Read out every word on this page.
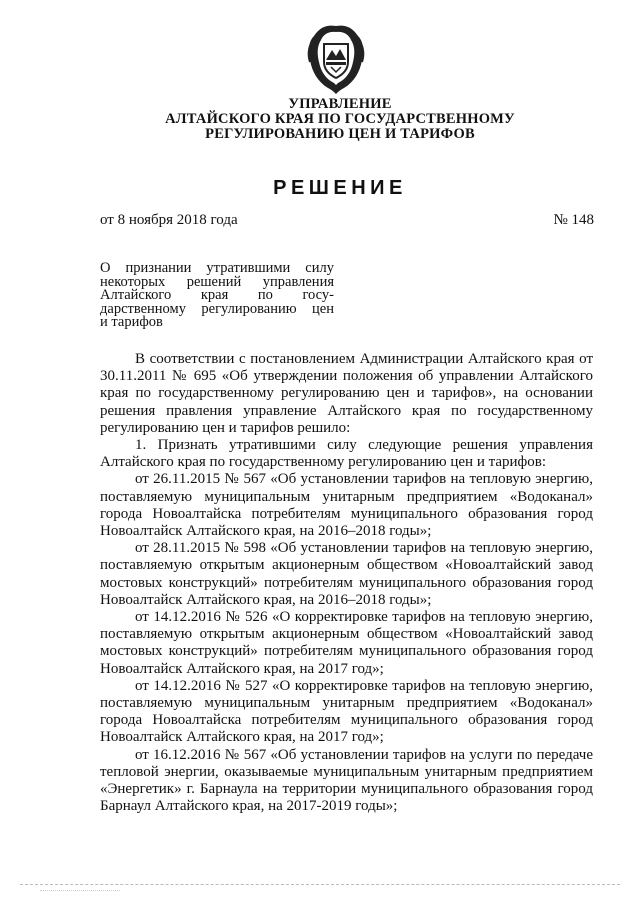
УПРАВЛЕНИЕ
АЛТАЙСКОГО КРАЯ ПО ГОСУДАРСТВЕННОМУ
РЕГУЛИРОВАНИЮ ЦЕН И ТАРИФОВ
РЕШЕНИЕ
от 8 ноября 2018 года	№ 148
О признании утратившими силу
некоторых решений управления
Алтайского края по госу-
дарственному регулированию цен
и тарифов

В соответствии с постановлением Администрации Алтайского края от 30.11.2011 № 695 «Об утверждении положения об управлении Алтайского края по государственному регулированию цен и тарифов», на основании решения правления управление Алтайского края по государственному регулированию цен и тарифов решило:

1. Признать утратившими силу следующие решения управления Алтайского края по государственному регулированию цен и тарифов:

от 26.11.2015 № 567 «Об установлении тарифов на тепловую энергию, поставляемую муниципальным унитарным предприятием «Водоканал» города Новоалтайска потребителям муниципального образования город Новоалтайск Алтайского края, на 2016–2018 годы»;

от 28.11.2015 № 598 «Об установлении тарифов на тепловую энергию, поставляемую открытым акционерным обществом «Новоалтайский завод мостовых конструкций» потребителям муниципального образования город Новоалтайск Алтайского края, на 2016–2018 годы»;

от 14.12.2016 № 526 «О корректировке тарифов на тепловую энергию, поставляемую открытым акционерным обществом «Новоалтайский завод мостовых конструкций» потребителям муниципального образования город Новоалтайск Алтайского края, на 2017 год»;

от 14.12.2016 № 527 «О корректировке тарифов на тепловую энергию, поставляемую муниципальным унитарным предприятием «Водоканал» города Новоалтайска потребителям муниципального образования город Новоалтайск Алтайского края, на 2017 год»;

от 16.12.2016 № 567 «Об установлении тарифов на услуги по передаче тепловой энергии, оказываемые муниципальным унитарным предприятием «Энергетик» г. Барнаула на территории муниципального образования город Барнаул Алтайского края, на 2017-2019 годы»;
